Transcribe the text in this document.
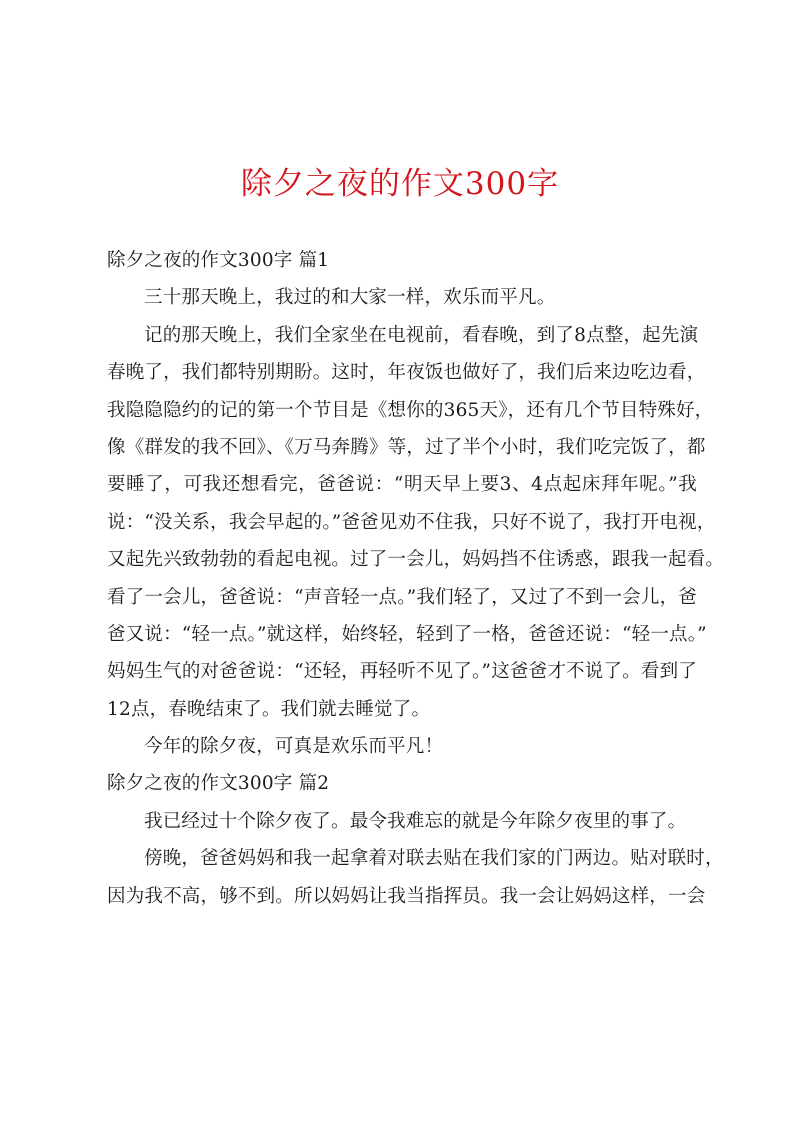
除夕之夜的作文300字
除夕之夜的作文300字 篇1
三十那天晚上，我过的和大家一样，欢乐而平凡。
记的那天晚上，我们全家坐在电视前，看春晚，到了8点整，起先演
春晚了，我们都特别期盼。这时，年夜饭也做好了，我们后来边吃边看，
我隐隐隐约的记的第一个节目是《想你的365天》，还有几个节目特殊好，
像《群发的我不回》、《万马奔腾》等，过了半个小时，我们吃完饭了，都
要睡了，可我还想看完，爸爸说：“明天早上要3、4点起床拜年呢。”我
说：“没关系，我会早起的。”爸爸见劝不住我，只好不说了，我打开电视，
又起先兴致勃勃的看起电视。过了一会儿，妈妈挡不住诱惑，跟我一起看。
看了一会儿，爸爸说：“声音轻一点。”我们轻了，又过了不到一会儿，爸
爸又说：“轻一点。”就这样，始终轻，轻到了一格，爸爸还说：“轻一点。”
妈妈生气的对爸爸说：“还轻，再轻听不见了。”这爸爸才不说了。看到了
12点，春晚结束了。我们就去睡觉了。
今年的除夕夜，可真是欢乐而平凡！
除夕之夜的作文300字 篇2
我已经过十个除夕夜了。最令我难忘的就是今年除夕夜里的事了。
傍晚，爸爸妈妈和我一起拿着对联去贴在我们家的门两边。贴对联时，
因为我不高，够不到。所以妈妈让我当指挥员。我一会让妈妈这样，一会
